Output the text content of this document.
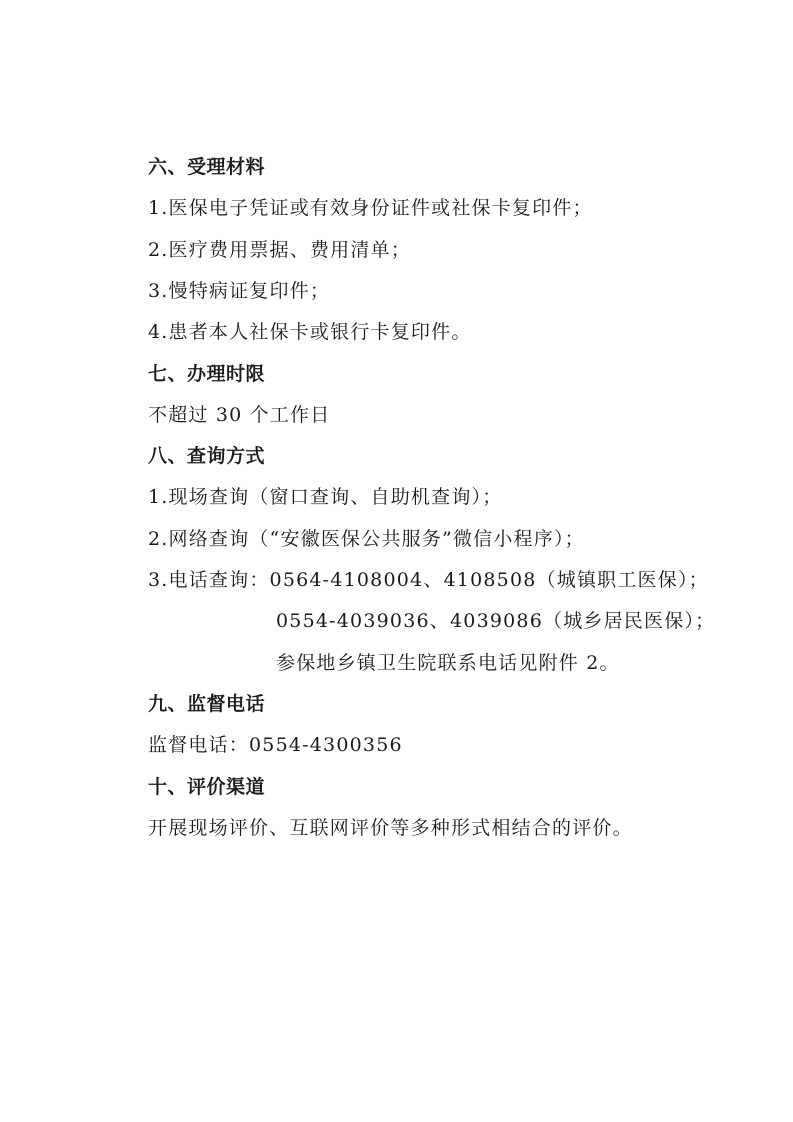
六、受理材料
1.医保电子凭证或有效身份证件或社保卡复印件；
2.医疗费用票据、费用清单；
3.慢特病证复印件；
4.患者本人社保卡或银行卡复印件。
七、办理时限
不超过 30 个工作日
八、查询方式
1.现场查询（窗口查询、自助机查询）；
2.网络查询（“安徽医保公共服务”微信小程序）；
3.电话查询：0564-4108004、4108508（城镇职工医保）；
0554-4039036、4039086（城乡居民医保）；
参保地乡镇卫生院联系电话见附件 2。
九、监督电话
监督电话：0554-4300356
十、评价渠道
开展现场评价、互联网评价等多种形式相结合的评价。
